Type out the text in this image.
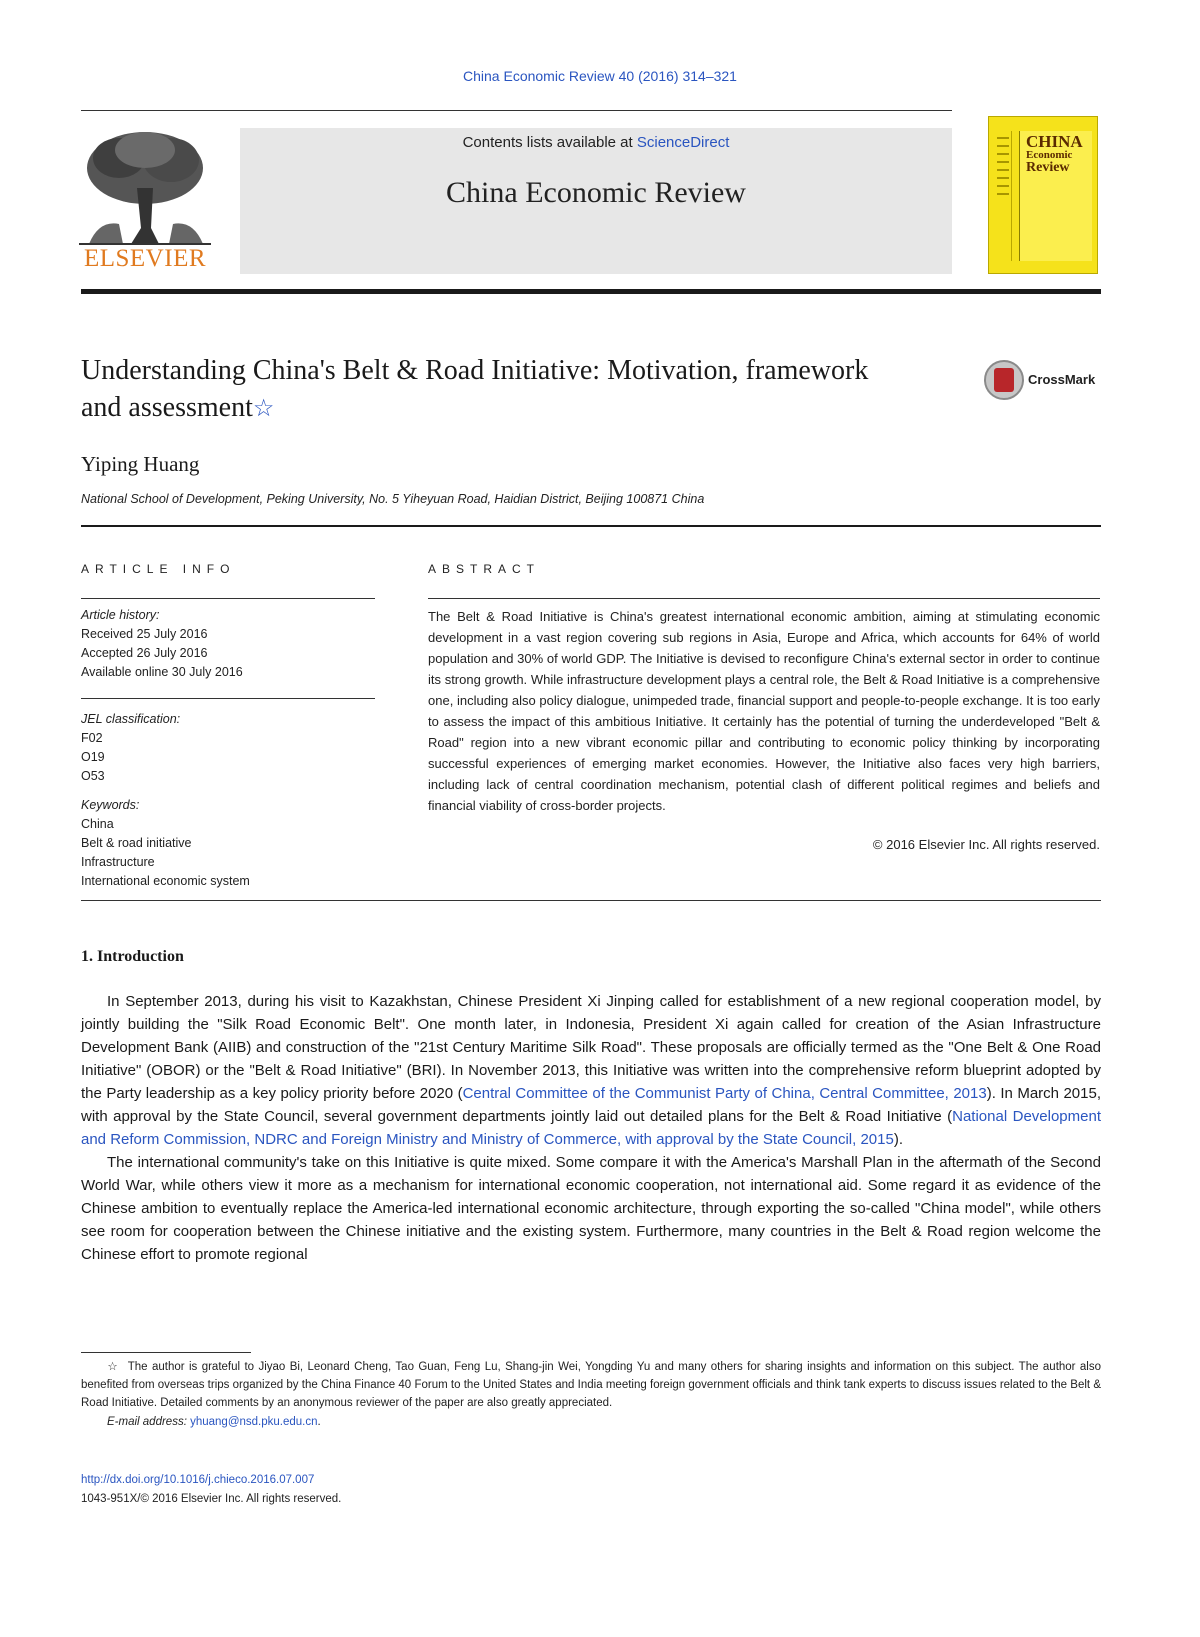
China Economic Review 40 (2016) 314–321
ELSEVIER
Contents lists available at ScienceDirect
China Economic Review
CHINA
Economic
Review
Understanding China's Belt & Road Initiative: Motivation, framework and assessment☆
CrossMark
Yiping Huang
National School of Development, Peking University, No. 5 Yiheyuan Road, Haidian District, Beijing 100871 China
ARTICLE INFO	ABSTRACT
Article history:
Received 25 July 2016
Accepted 26 July 2016
Available online 30 July 2016
JEL classification:
F02
O19
O53
Keywords:
China
Belt & road initiative
Infrastructure
International economic system
The Belt & Road Initiative is China's greatest international economic ambition, aiming at stimulating economic development in a vast region covering sub regions in Asia, Europe and Africa, which accounts for 64% of world population and 30% of world GDP. The Initiative is devised to reconfigure China's external sector in order to continue its strong growth. While infrastructure development plays a central role, the Belt & Road Initiative is a comprehensive one, including also policy dialogue, unimpeded trade, financial support and people-to-people exchange. It is too early to assess the impact of this ambitious Initiative. It certainly has the potential of turning the underdeveloped "Belt & Road" region into a new vibrant economic pillar and contributing to economic policy thinking by incorporating successful experiences of emerging market economies. However, the Initiative also faces very high barriers, including lack of central coordination mechanism, potential clash of different political regimes and beliefs and financial viability of cross-border projects.
© 2016 Elsevier Inc. All rights reserved.
1. Introduction

In September 2013, during his visit to Kazakhstan, Chinese President Xi Jinping called for establishment of a new regional cooperation model, by jointly building the "Silk Road Economic Belt". One month later, in Indonesia, President Xi again called for creation of the Asian Infrastructure Development Bank (AIIB) and construction of the "21st Century Maritime Silk Road". These proposals are officially termed as the "One Belt & One Road Initiative" (OBOR) or the "Belt & Road Initiative" (BRI). In November 2013, this Initiative was written into the comprehensive reform blueprint adopted by the Party leadership as a key policy priority before 2020 (Central Committee of the Communist Party of China, Central Committee, 2013). In March 2015, with approval by the State Council, several government departments jointly laid out detailed plans for the Belt & Road Initiative (National Development and Reform Commission, NDRC and Foreign Ministry and Ministry of Commerce, with approval by the State Council, 2015).

The international community's take on this Initiative is quite mixed. Some compare it with the America's Marshall Plan in the aftermath of the Second World War, while others view it more as a mechanism for international economic cooperation, not international aid. Some regard it as evidence of the Chinese ambition to eventually replace the America-led international economic architecture, through exporting the so-called "China model", while others see room for cooperation between the Chinese initiative and the existing system. Furthermore, many countries in the Belt & Road region welcome the Chinese effort to promote regional

☆ The author is grateful to Jiyao Bi, Leonard Cheng, Tao Guan, Feng Lu, Shang-jin Wei, Yongding Yu and many others for sharing insights and information on this subject. The author also benefited from overseas trips organized by the China Finance 40 Forum to the United States and India meeting foreign government officials and think tank experts to discuss issues related to the Belt & Road Initiative. Detailed comments by an anonymous reviewer of the paper are also greatly appreciated.

E-mail address: yhuang@nsd.pku.edu.cn.
http://dx.doi.org/10.1016/j.chieco.2016.07.007
1043-951X/© 2016 Elsevier Inc. All rights reserved.
